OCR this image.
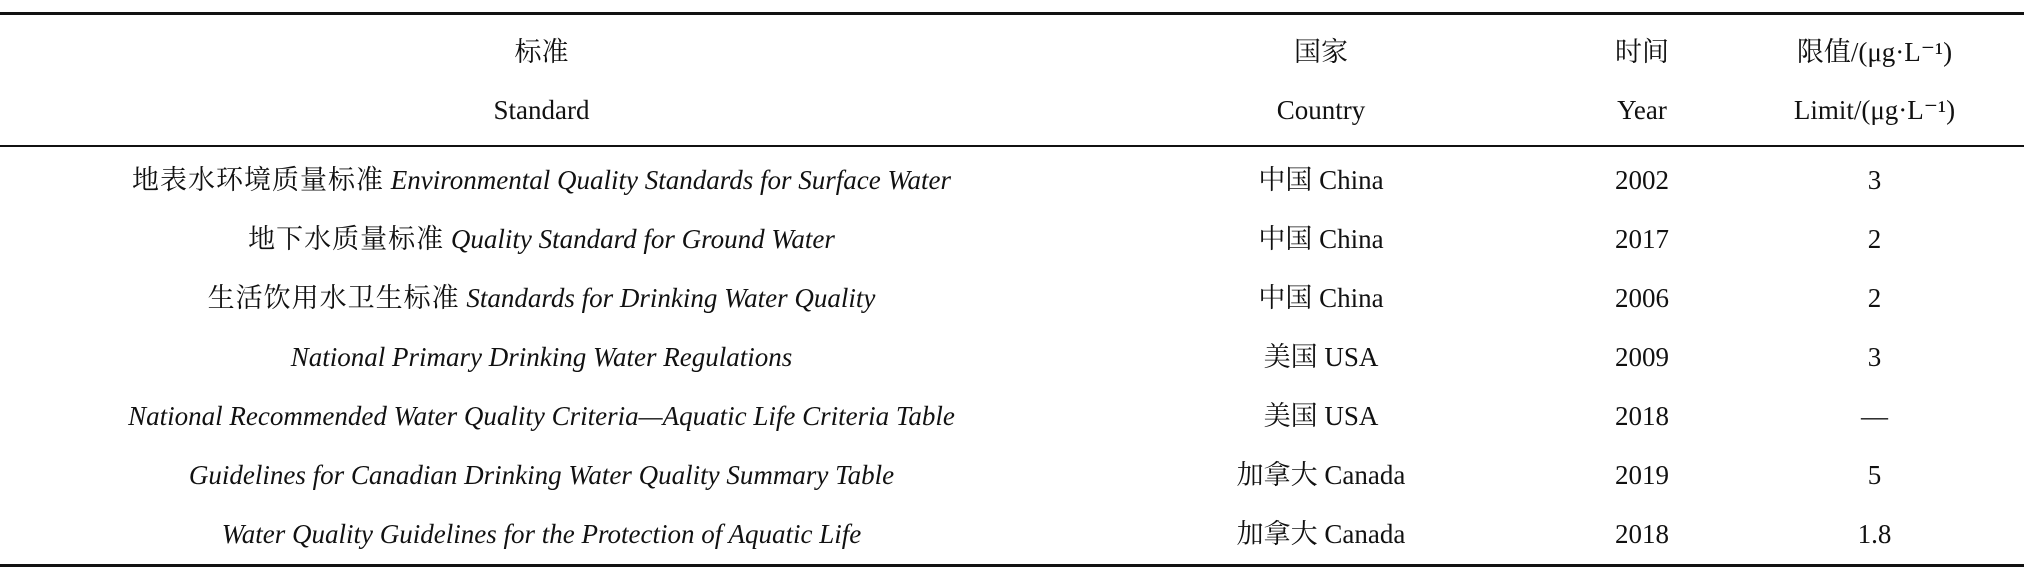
标准	国家	时间	限值/(μg·L⁻¹)
Standard	Country	Year	Limit/(μg·L⁻¹)
地表水环境质量标准 Environmental Quality Standards for Surface Water	中国 China	2002	3
地下水质量标准 Quality Standard for Ground Water	中国 China	2017	2
生活饮用水卫生标准 Standards for Drinking Water Quality	中国 China	2006	2
National Primary Drinking Water Regulations	美国 USA	2009	3
National Recommended Water Quality Criteria—Aquatic Life Criteria Table	美国 USA	2018	—
Guidelines for Canadian Drinking Water Quality Summary Table	加拿大 Canada	2019	5
Water Quality Guidelines for the Protection of Aquatic Life	加拿大 Canada	2018	1.8
